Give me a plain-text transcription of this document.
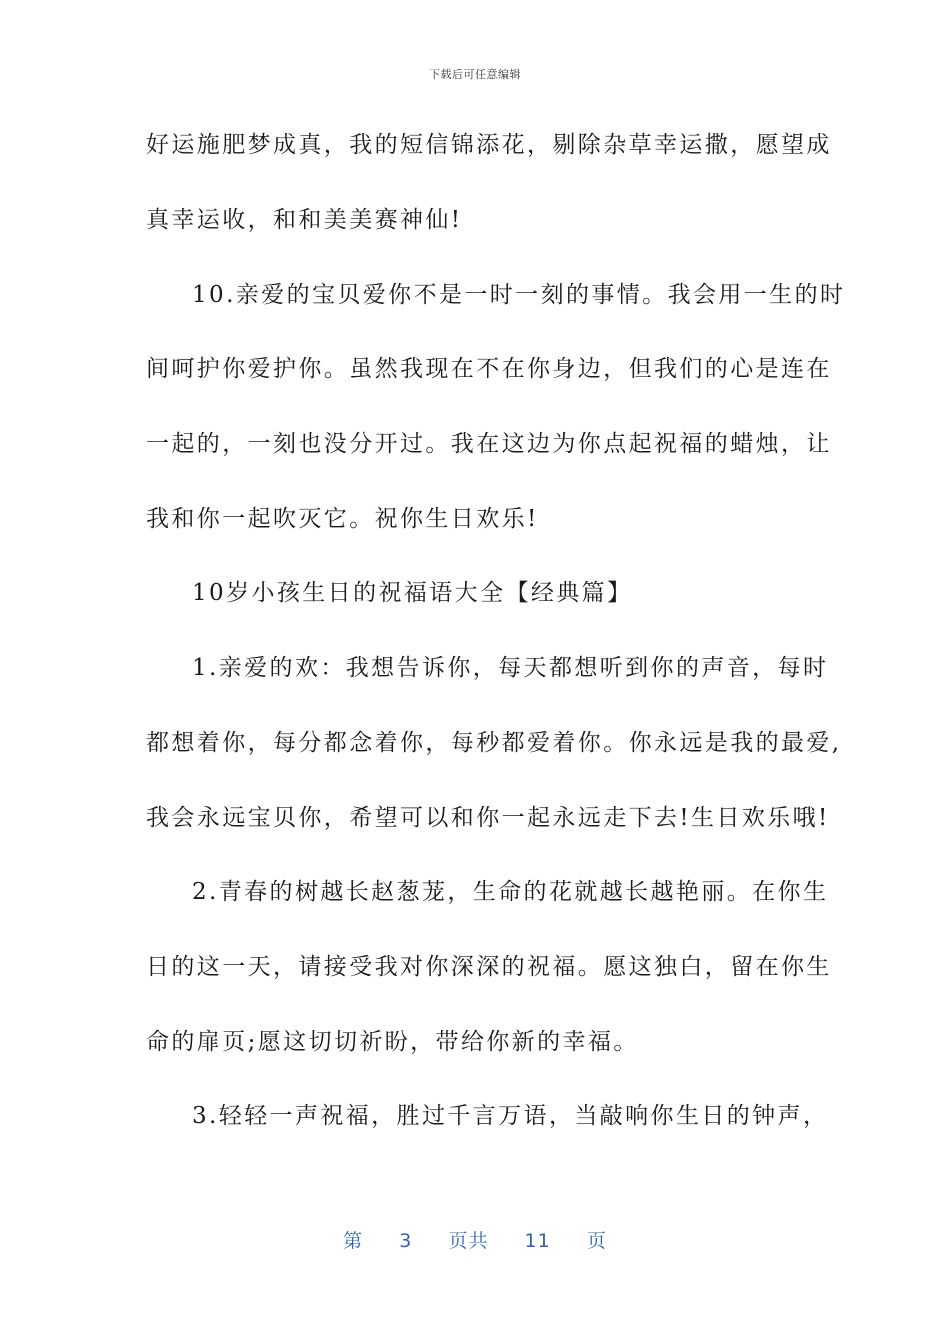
下载后可任意编辑
好运施肥梦成真，我的短信锦添花，剔除杂草幸运撒，愿望成
真幸运收，和和美美赛神仙!
10.亲爱的宝贝爱你不是一时一刻的事情。我会用一生的时
间呵护你爱护你。虽然我现在不在你身边，但我们的心是连在
一起的，一刻也没分开过。我在这边为你点起祝福的蜡烛，让
我和你一起吹灭它。祝你生日欢乐!
10岁小孩生日的祝福语大全【经典篇】
1.亲爱的欢：我想告诉你，每天都想听到你的声音，每时
都想着你，每分都念着你，每秒都爱着你。你永远是我的最爱,
我会永远宝贝你，希望可以和你一起永远走下去!生日欢乐哦!
2.青春的树越长赵葱茏，生命的花就越长越艳丽。在你生
日的这一天，请接受我对你深深的祝福。愿这独白，留在你生
命的扉页;愿这切切祈盼，带给你新的幸福。
3.轻轻一声祝福，胜过千言万语，当敲响你生日的钟声，
第 3 页共 11 页
